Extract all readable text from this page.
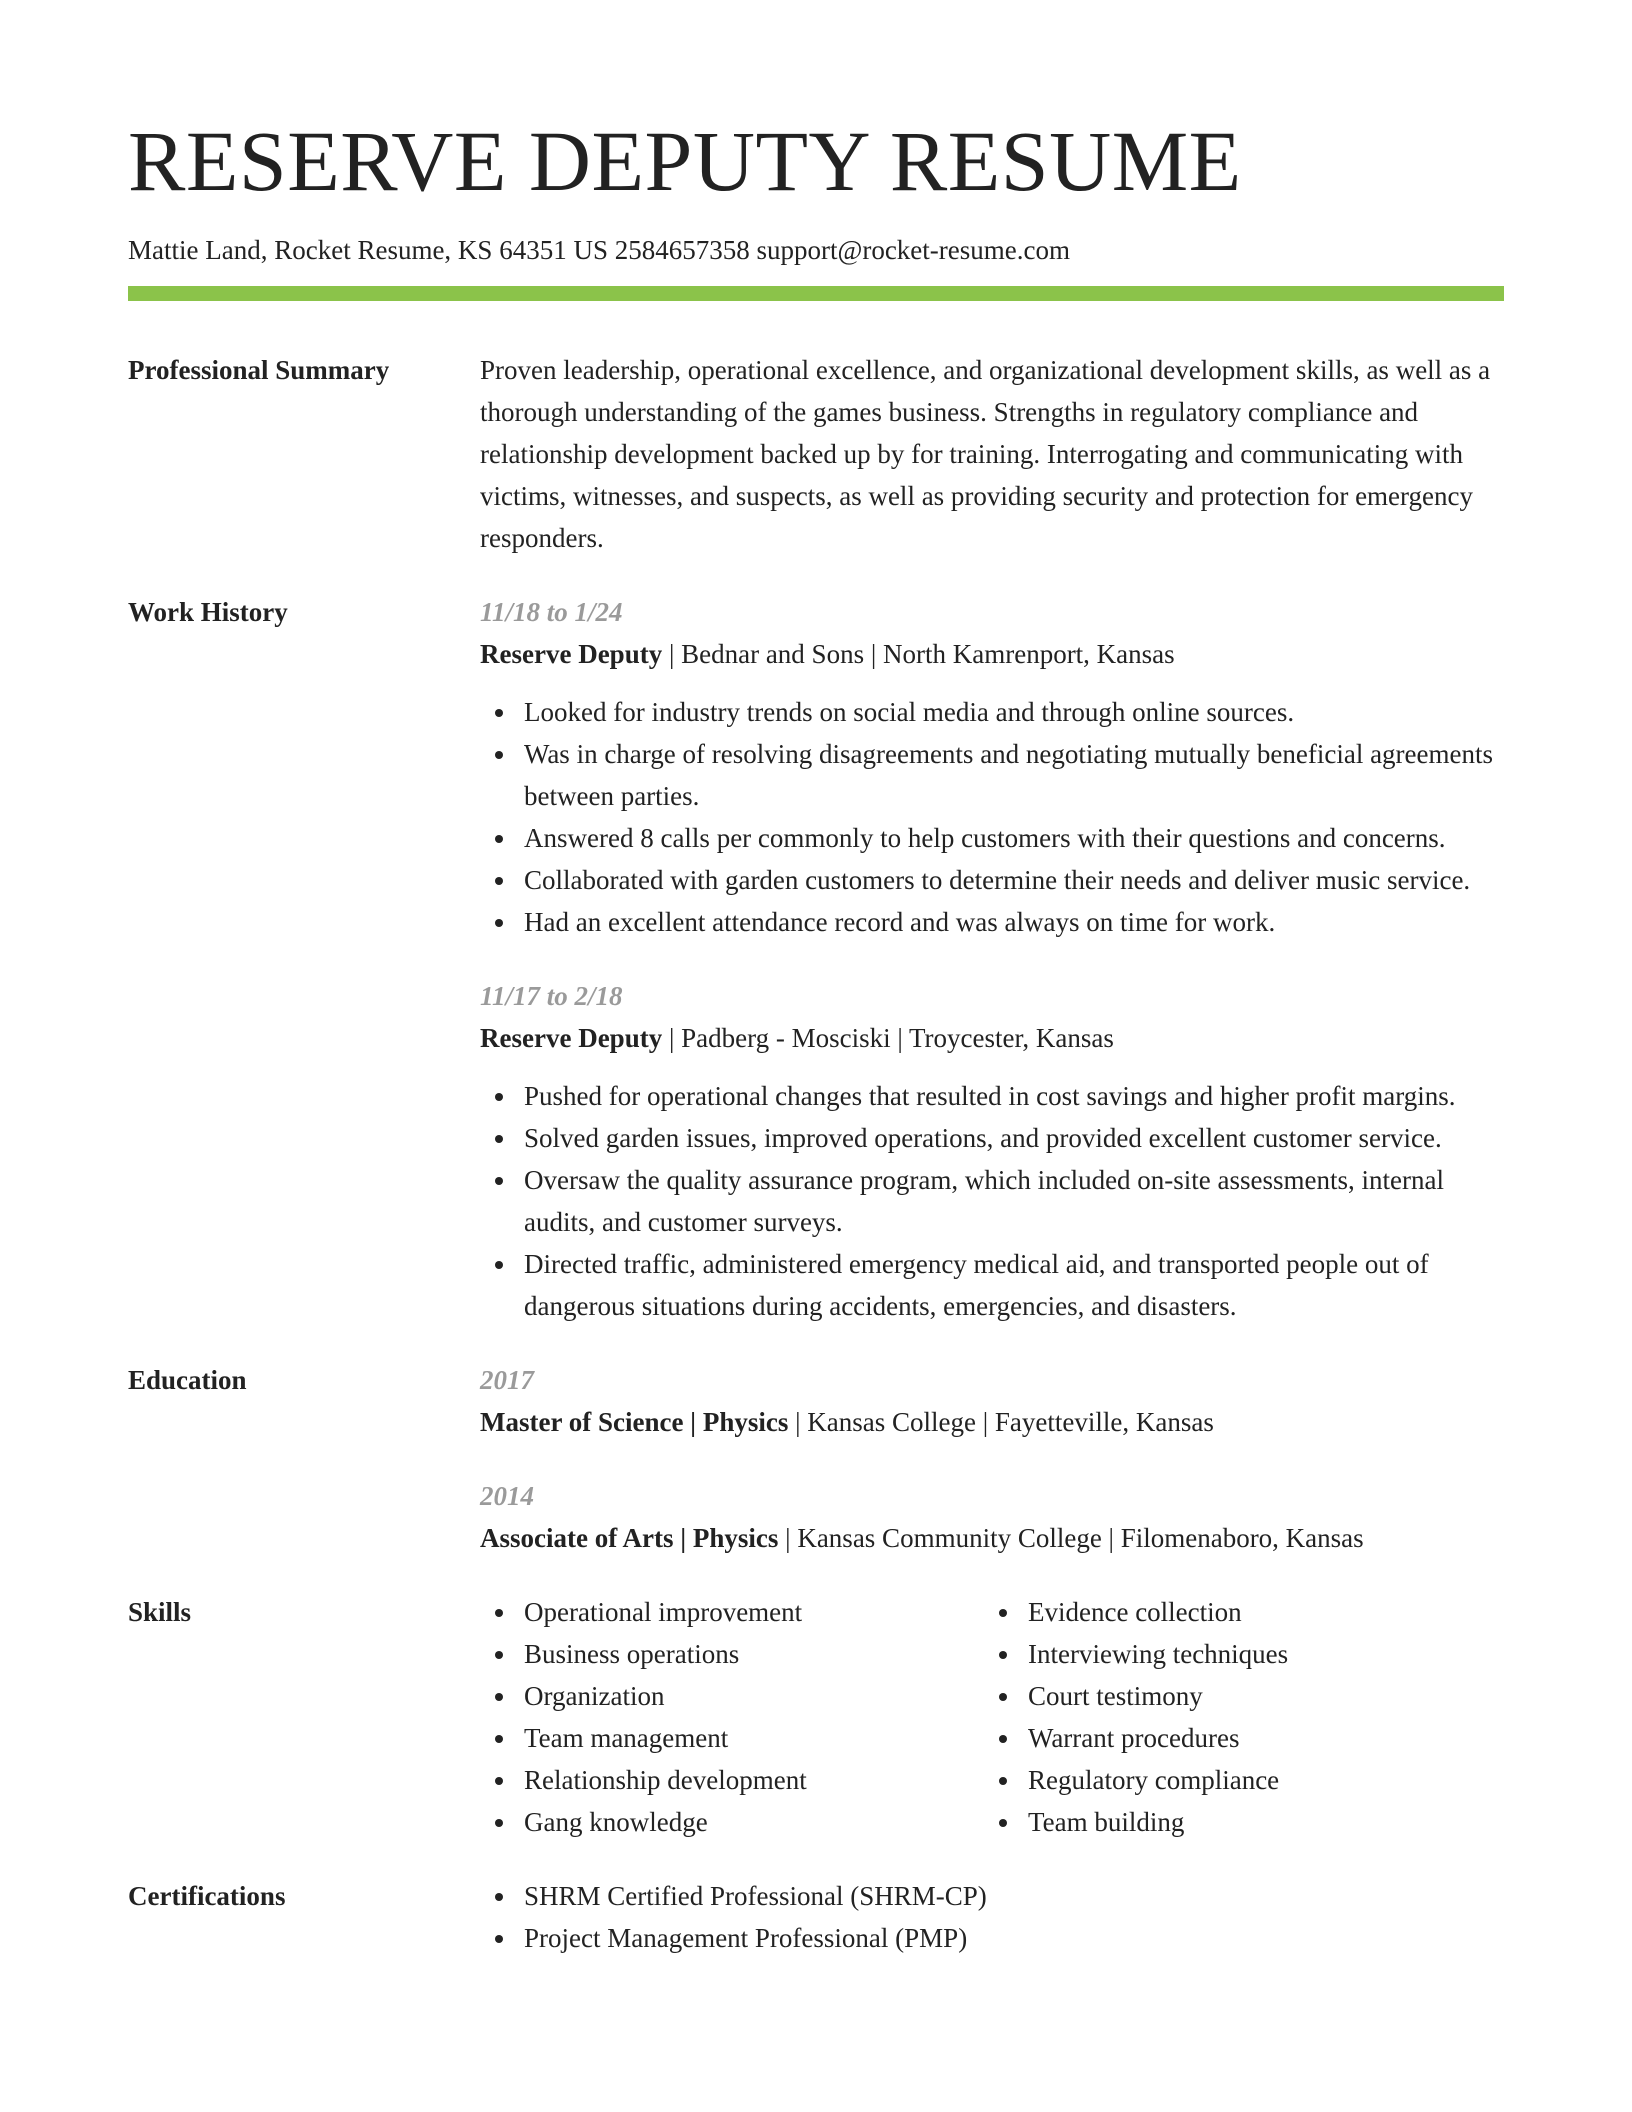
RESERVE DEPUTY RESUME
Mattie Land, Rocket Resume, KS 64351 US 2584657358 support@rocket-resume.com
Professional Summary	Proven leadership, operational excellence, and organizational development skills, as well as a thorough understanding of the games business. Strengths in regulatory compliance and relationship development backed up by for training. Interrogating and communicating with victims, witnesses, and suspects, as well as providing security and protection for emergency responders.

Work History	11/18 to 1/24
Reserve Deputy | Bednar and Sons | North Kamrenport, Kansas
Looked for industry trends on social media and through online sources.
Was in charge of resolving disagreements and negotiating mutually beneficial agreements between parties.
Answered 8 calls per commonly to help customers with their questions and concerns.
Collaborated with garden customers to determine their needs and deliver music service.
Had an excellent attendance record and was always on time for work.
11/17 to 2/18
Reserve Deputy | Padberg - Mosciski | Troycester, Kansas
Pushed for operational changes that resulted in cost savings and higher profit margins.
Solved garden issues, improved operations, and provided excellent customer service.
Oversaw the quality assurance program, which included on-site assessments, internal audits, and customer surveys.
Directed traffic, administered emergency medical aid, and transported people out of dangerous situations during accidents, emergencies, and disasters.
Education	2017
Master of Science | Physics | Kansas College | Fayetteville, Kansas
2014
Associate of Arts | Physics | Kansas Community College | Filomenaboro, Kansas
Skills	Operational improvement
Business operations
Organization
Team management
Relationship development
Gang knowledge
Evidence collection
Interviewing techniques
Court testimony
Warrant procedures
Regulatory compliance
Team building
Certifications	SHRM Certified Professional (SHRM-CP)
Project Management Professional (PMP)
